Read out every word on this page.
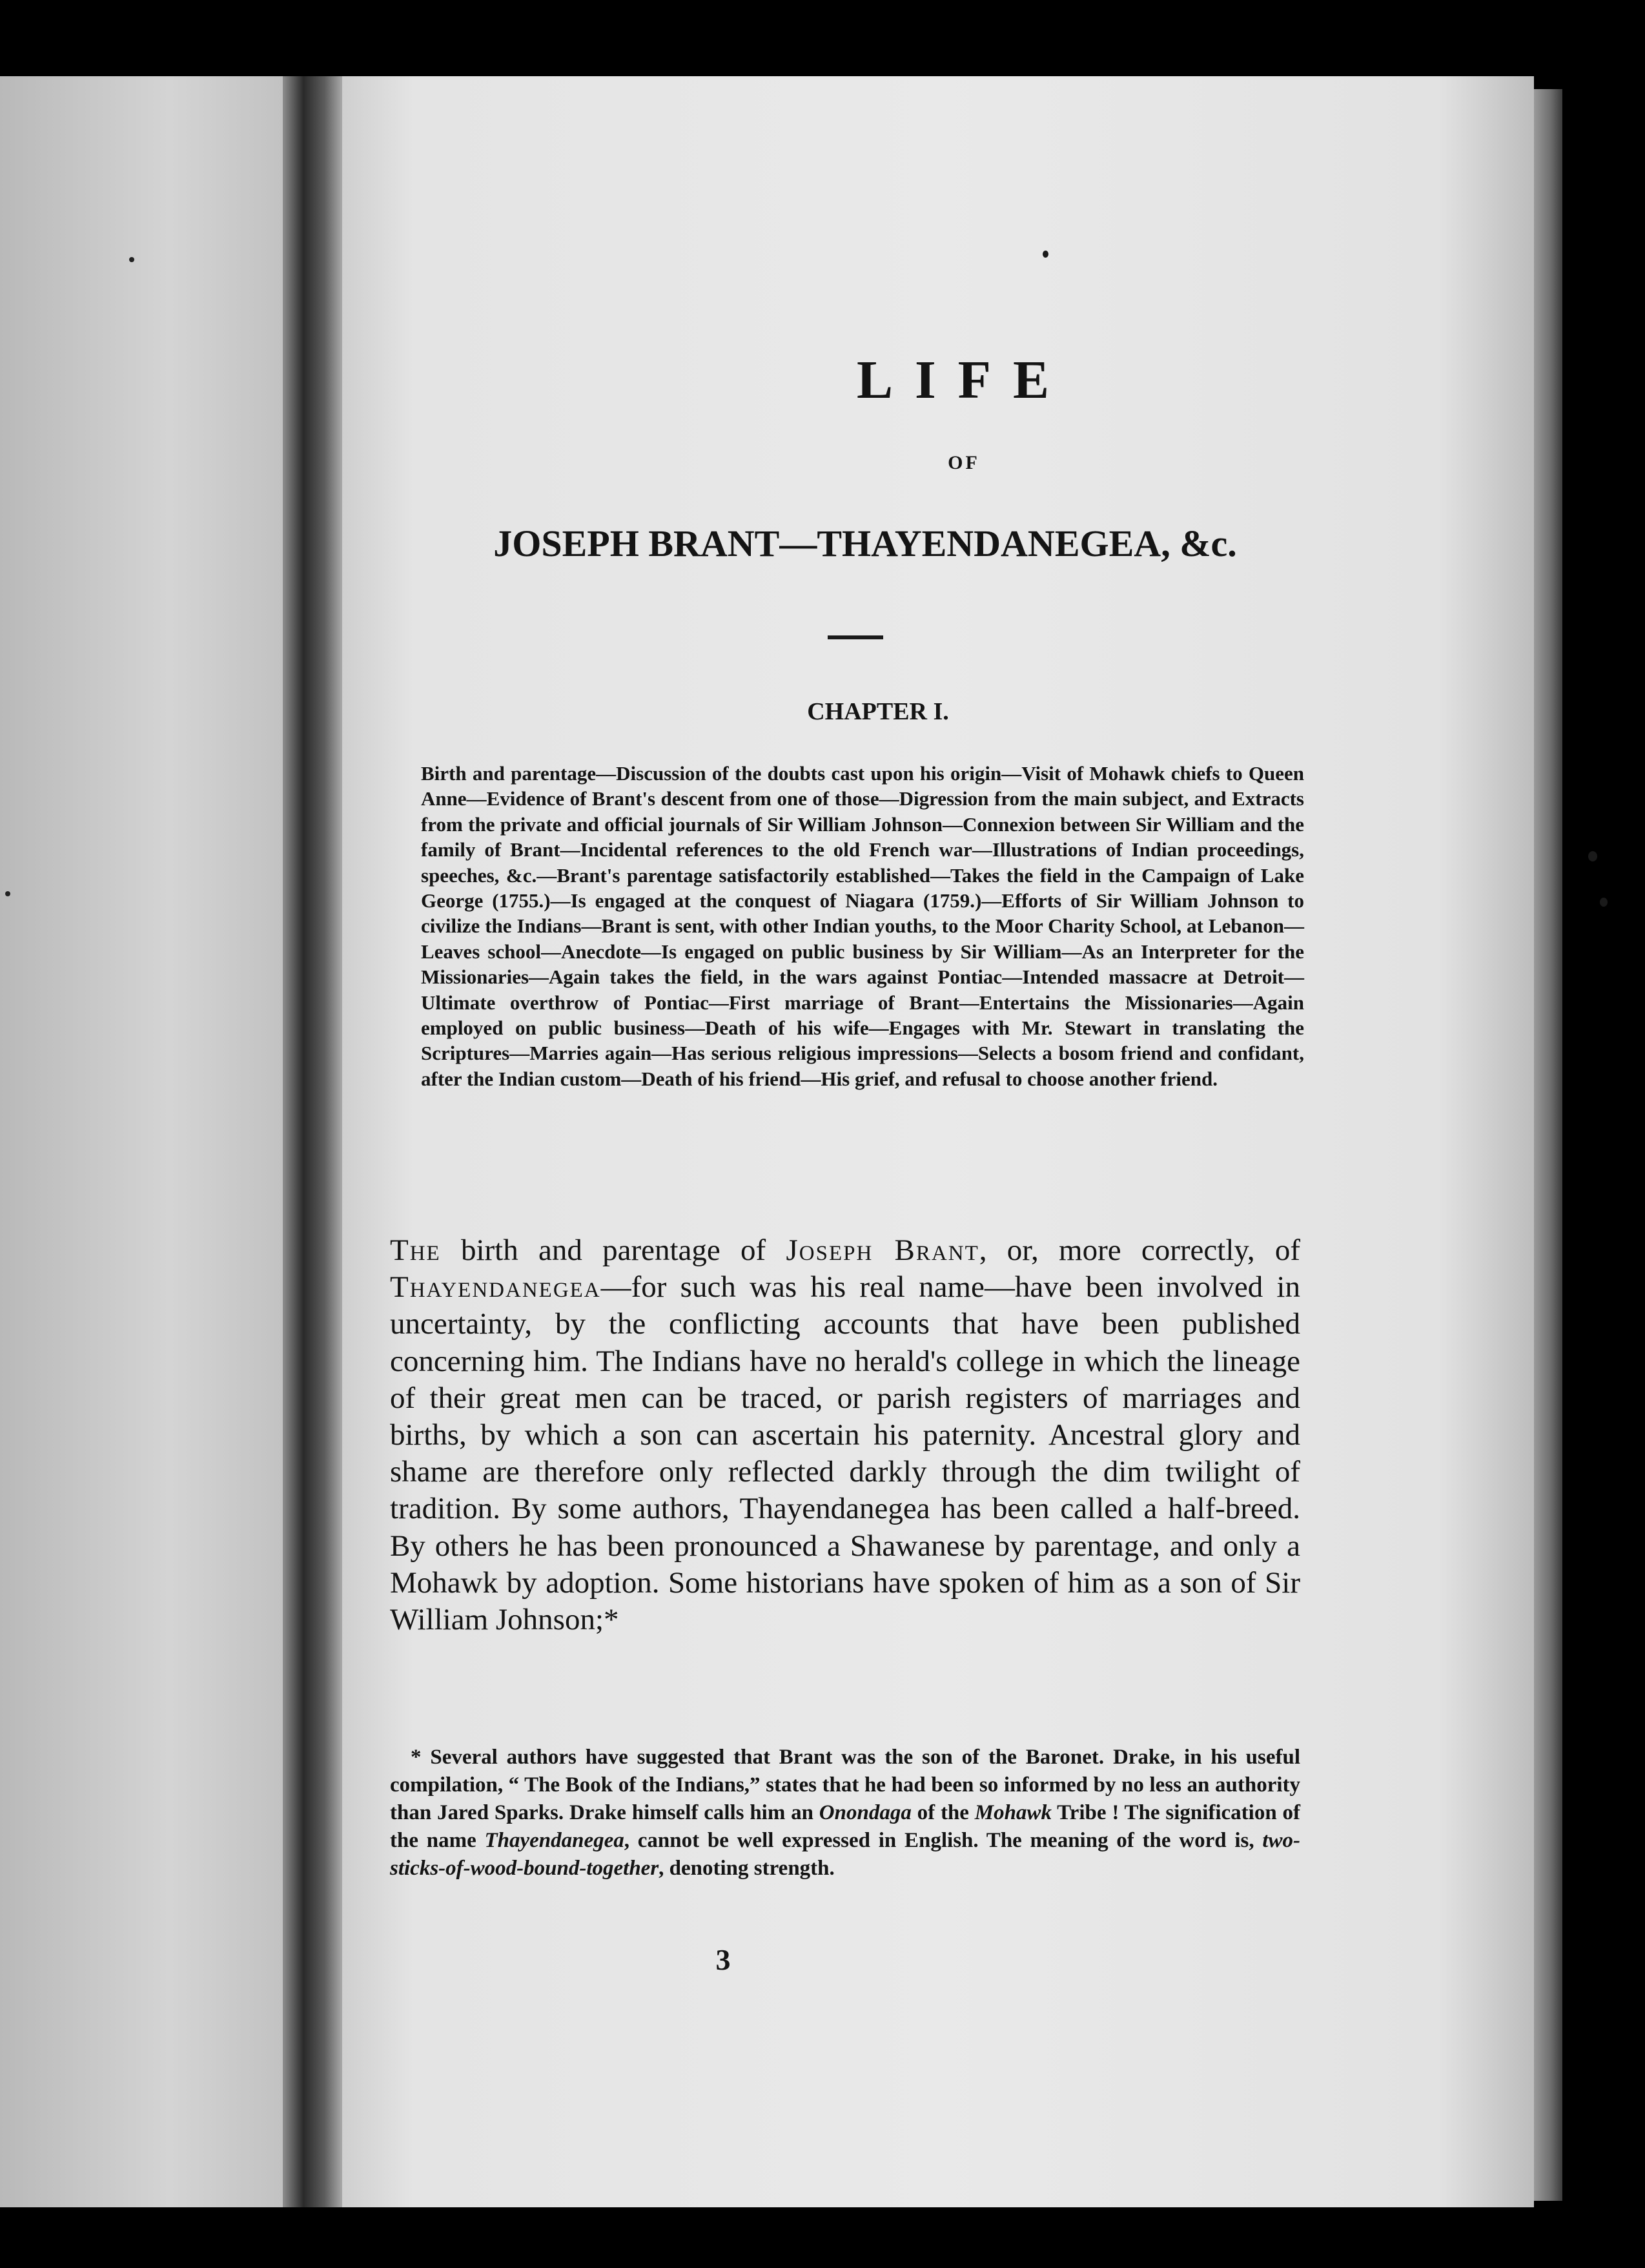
LIFE
OF
JOSEPH BRANT—THAYENDANEGEA, &c.
CHAPTER I.
Birth and parentage—Discussion of the doubts cast upon his origin—Visit of Mohawk chiefs to Queen Anne—Evidence of Brant's descent from one of those—Digression from the main subject, and Extracts from the private and official journals of Sir William Johnson—Connexion between Sir William and the family of Brant—Incidental references to the old French war—Illustrations of Indian proceedings, speeches, &c.—Brant's parentage satisfactorily established—Takes the field in the Campaign of Lake George (1755.)—Is engaged at the conquest of Niagara (1759.)—Efforts of Sir William Johnson to civilize the Indians—Brant is sent, with other Indian youths, to the Moor Charity School, at Lebanon—Leaves school—Anecdote—Is engaged on public business by Sir William—As an Interpreter for the Missionaries—Again takes the field, in the wars against Pontiac—Intended massacre at Detroit—Ultimate overthrow of Pontiac—First marriage of Brant—Entertains the Missionaries—Again employed on public business—Death of his wife—Engages with Mr. Stewart in translating the Scriptures—Marries again—Has serious religious impressions—Selects a bosom friend and confidant, after the Indian custom—Death of his friend—His grief, and refusal to choose another friend.
The birth and parentage of Joseph Brant, or, more correctly, of Thayendanegea—for such was his real name—have been involved in uncertainty, by the conflicting accounts that have been published concerning him. The Indians have no herald's college in which the lineage of their great men can be traced, or parish registers of marriages and births, by which a son can ascertain his paternity. Ancestral glory and shame are therefore only reflected darkly through the dim twilight of tradition. By some authors, Thayendanegea has been called a half-breed. By others he has been pronounced a Shawanese by parentage, and only a Mohawk by adoption. Some historians have spoken of him as a son of Sir William Johnson;*
* Several authors have suggested that Brant was the son of the Baronet. Drake, in his useful compilation, “ The Book of the Indians,” states that he had been so informed by no less an authority than Jared Sparks. Drake himself calls him an Onondaga of the Mohawk Tribe ! The signification of the name Thayendanegea, cannot be well expressed in English. The meaning of the word is, two-sticks-of-wood-bound-together, denoting strength.
3
